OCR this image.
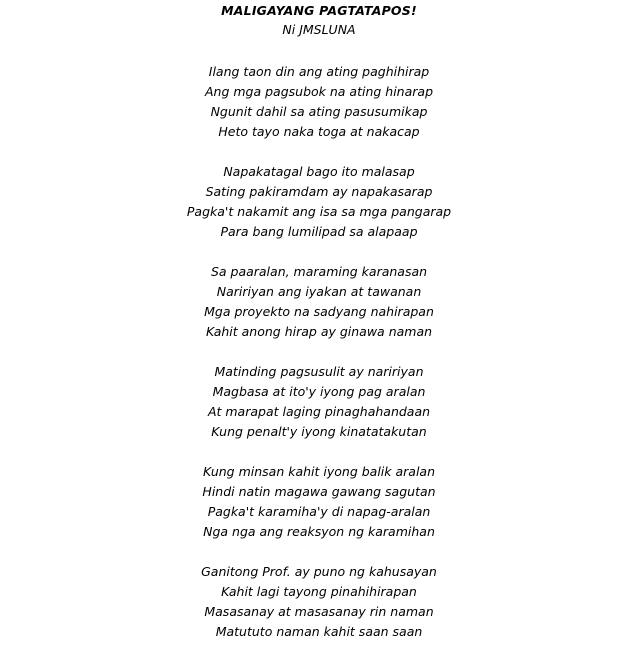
MALIGAYANG PAGTATAPOS!
Ni JMSLUNA
Ilang taon din ang ating paghihirap
Ang mga pagsubok na ating hinarap
Ngunit dahil sa ating pasusumikap
Heto tayo naka toga at nakacap
Napakatagal bago ito malasap
Sating pakiramdam ay napakasarap
Pagka't nakamit ang isa sa mga pangarap
Para bang lumilipad sa alapaap
Sa paaralan, maraming karanasan
Naririyan ang iyakan at tawanan
Mga proyekto na sadyang nahirapan
Kahit anong hirap ay ginawa naman
Matinding pagsusulit ay naririyan
Magbasa at ito'y iyong pag aralan
At marapat laging pinaghahandaan
Kung penalt'y iyong kinatatakutan
Kung minsan kahit iyong balik aralan
Hindi natin magawa gawang sagutan
Pagka't karamiha'y di napag-aralan
Nga nga ang reaksyon ng karamihan
Ganitong Prof. ay puno ng kahusayan
Kahit lagi tayong pinahihirapan
Masasanay at masasanay rin naman
Matututo naman kahit saan saan
